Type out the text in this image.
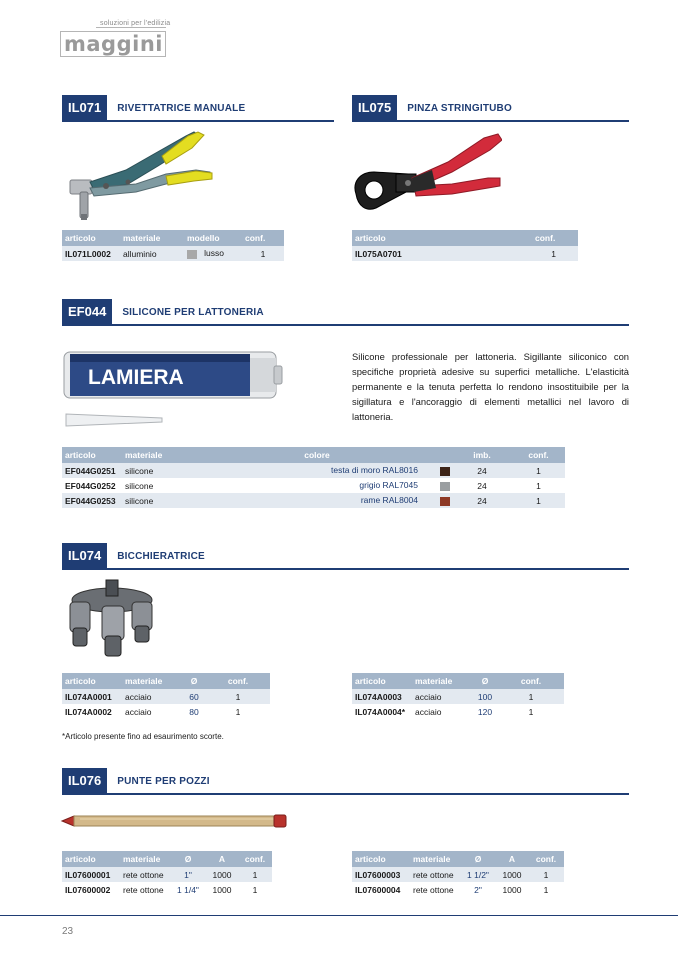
soluzioni per l'edilizia
maggini
IL071	RIVETTATRICE MANUALE
articolo	materiale	modello	conf.
IL071L0002	alluminio	lusso	1
IL075	PINZA STRINGITUBO
articolo	conf.
IL075A0701	1
EF044	SILICONE PER LATTONERIA
LAMIERA
Silicone professionale per lattoneria. Sigillante siliconico con specifiche proprietà adesive su superfici metalliche. L'elasticità permanente e la tenuta perfetta lo rendono insostituibile per la sigillatura e l'ancoraggio di elementi metallici nel lavoro di lattoneria.
articolo	materiale	colore	imb.	conf.
EF044G0251	silicone	testa di moro RAL8016	24	1
EF044G0252	silicone	grigio RAL7045	24	1
EF044G0253	silicone	rame RAL8004	24	1
IL074	BICCHIERATRICE
articolo	materiale	Ø	conf.
IL074A0001	acciaio	60	1
IL074A0002	acciaio	80	1
articolo	materiale	Ø	conf.
IL074A0003	acciaio	100	1
IL074A0004*	acciaio	120	1
*Articolo presente fino ad esaurimento scorte.
IL076	PUNTE PER POZZI
articolo	materiale	Ø	A	conf.
IL07600001	rete ottone	1"	1000	1
IL07600002	rete ottone	1 1/4"	1000	1
articolo	materiale	Ø	A	conf.
IL07600003	rete ottone	1 1/2"	1000	1
IL07600004	rete ottone	2"	1000	1
23
